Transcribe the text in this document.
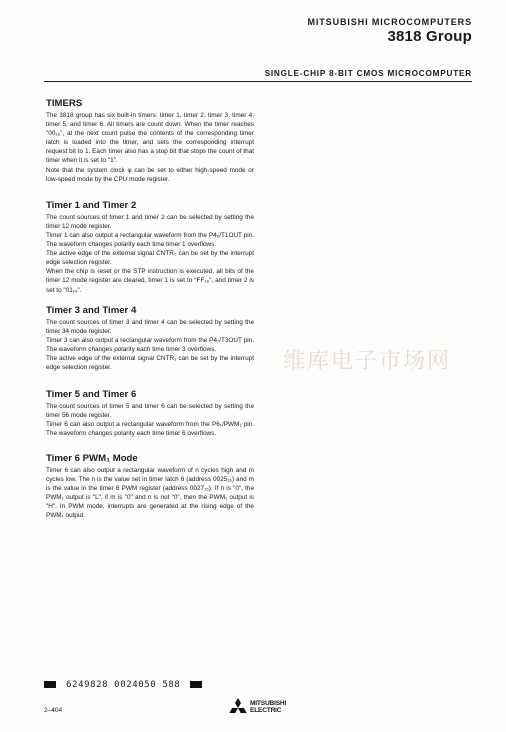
MITSUBISHI MICROCOMPUTERS
3818 Group
SINGLE-CHIP 8-BIT CMOS MICROCOMPUTER
TIMERS

The 3818 group has six built-in timers: timer 1, timer 2, timer 3, timer 4, timer 5, and timer 6. All timers are count down. When the timer reaches "00₁₆", at the next count pulse the contents of the corresponding timer latch is loaded into the timer, and sets the corresponding interrupt request bit to 1. Each timer also has a stop bit that stops the count of that timer when it is set to "1".

Note that the system clock φ can be set to either high-speed mode or low-speed mode by the CPU mode register.

Timer 1 and Timer 2

The count sources of timer 1 and timer 2 can be selected by setting the timer 12 mode register.

Timer 1 can also output a rectangular waveform from the P4₆/T1OUT pin. The waveform changes polarity each time timer 1 overflows.

The active edge of the external signal CNTR₀ can be set by the interrupt edge selection register.

When the chip is reset or the STP instruction is executed, all bits of the timer 12 mode register are cleared, timer 1 is set to "FF₁₆", and timer 2 is set to "01₁₆".

Timer 3 and Timer 4

The count sources of timer 3 and timer 4 can be selected by setting the timer 34 mode register.

Timer 3 can also output a rectangular waveform from the P4₇/T3OUT pin. The waveform changes polarity each time timer 3 overflows.

The active edge of the external signal CNTR₁ can be set by the interrupt edge selection register.

Timer 5 and Timer 6

The count sources of timer 5 and timer 6 can be selected by setting the timer 56 mode register.

Timer 6 can also output a rectangular waveform from the P6₁/PWM₁ pin. The waveform changes polarity each time timer 6 overflows.

Timer 6 PWM₁ Mode

Timer 6 can also output a rectangular waveform of n cycles high and m cycles low. The n is the value set in timer latch 6 (address 0025₁₆) and m is the value in the timer 6 PWM register (address 0027₁₆). If n is "0", the PWM₁ output is "L", if m is "0" and n is not "0", then the PWM₁ output is "H". In PWM mode, interrupts are generated at the rising edge of the PWM₁ output.

维库电子市场网
6249828 0024050 588
2–404
MITSUBISHI
ELECTRIC
